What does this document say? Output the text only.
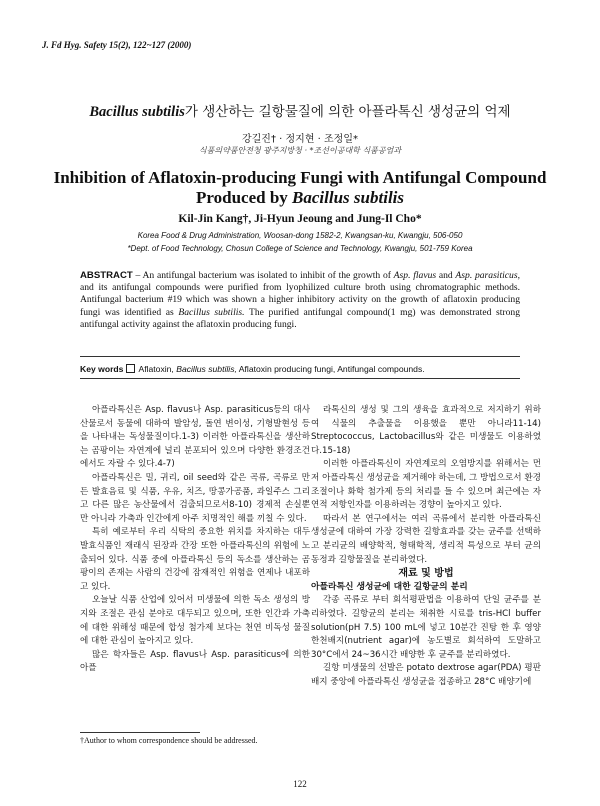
J. Fd Hyg. Safety 15(2), 122~127 (2000)
Bacillus subtilis가 생산하는 길항물질에 의한 아플라톡신 생성균의 억제
강길진† · 정지현 · 조정일*
식품의약품안전청 광주지방청 · *조선이공대학 식품공업과
Inhibition of Aflatoxin-producing Fungi with Antifungal Compound
Produced by Bacillus subtilis
Kil-Jin Kang†, Ji-Hyun Jeoung and Jung-Il Cho*
Korea Food & Drug Administration, Woosan-dong 1582-2, Kwangsan-ku, Kwangju, 506-050
*Dept. of Food Technology, Chosun College of Science and Technology, Kwangju, 501-759 Korea
ABSTRACT – An antifungal bacterium was isolated to inhibit of the growth of Asp. flavus and Asp. parasiticus, and its antifungal compounds were purified from lyophilized culture broth using chromatographic methods. Antifungal bacterium #19 which was shown a higher inhibitory activity on the growth of aflatoxin producing fungi was identified as Bacillus subtilis. The purified antifungal compound(1 mg) was demonstrated strong antifungal activity against the aflatoxin producing fungi.
Key words Aflatoxin, Bacillus subtilis, Aflatoxin producing fungi, Antifungal compounds.

아플라톡신은 Asp. flavus나 Asp. parasiticus등의 대사산물로서 동물에 대하여 발암성, 돌연 변이성, 기형발현성 등을 나타내는 독성물질이다.1-3) 이러한 아플라톡신을 생산하는 곰팡이는 자연계에 널리 분포되어 있으며 다양한 환경조건에서도 자랄 수 있다.4-7)

아플라톡신은 밀, 귀리, oil seed와 같은 곡류, 곡류로 만든 발효음료 및 식품, 우유, 치즈, 땅콩가공품, 과일주스 그리고 다른 많은 농산물에서 검출되므로서8-10) 경제적 손실뿐만 아니라 가축과 인간에게 아주 치명적인 해를 끼칠 수 있다.

특히 예로부터 우리 식탁의 중요한 위치를 차지하는 대두발효식품인 재래식 된장과 간장 또한 아플라톡신의 위험에 노출되어 있다. 식품 중에 아플라톡신 등의 독소를 생산하는 곰팡이의 존재는 사람의 건강에 잠재적인 위험을 연제나 내포하고 있다.

오늘날 식품 산업에 있어서 미생물에 의한 독소 생성의 방지와 조절은 관심 분야로 대두되고 있으며, 또한 인간과 가축에 대한 위해성 때문에 합성 첨가제 보다는 천연 비독성 물질에 대한 관심이 높아지고 있다.

많은 학자들은 Asp. flavus나 Asp. parasiticus에 의한 아플

라톡신의 생성 및 그의 생육을 효과적으로 저지하기 위하여 식물의 추출물을 이용했을 뿐만 아니라11-14) Streptococcus, Lactobacillus와 같은 미생물도 이용하였다.15-18)

이러한 아플라톡신이 자연계로의 오염방지를 위해서는 먼저 아플라톡신 생성균을 제거해야 하는데, 그 방법으로서 환경조절이나 화학 첨가제 등의 처리를 들 수 있으며 최근에는 자연적 저항인자를 이용하려는 경향이 높아지고 있다.

따라서 본 연구에서는 여러 곡류에서 분리한 아플라톡신 생성균에 대하여 가장 강력한 길항효과를 갖는 균주를 선택하고 분리균의 배양학적, 형태학적, 생리적 특성으로 부터 균의 동정과 길항물질을 분리하였다.

재료 및 방법

아플라톡신 생성균에 대한 길항균의 분리

각종 곡류로 부터 회석평판법을 이용하여 단일 균주를 분리하였다. 길항균의 분리는 채취한 시료를 tris-HCl buffer solution(pH 7.5) 100 mL에 넣고 10분간 진탕 한 후 영양한천배지(nutrient agar)에 농도별로 회석하여 도말하고 30°C에서 24~36시간 배양한 후 균주를 분리하였다.

길항 미생물의 선발은 potato dextrose agar(PDA) 평판배지 중앙에 아플라톡신 생성균을 접종하고 28°C 배양기에

†Author to whom correspondence should be addressed.
122
